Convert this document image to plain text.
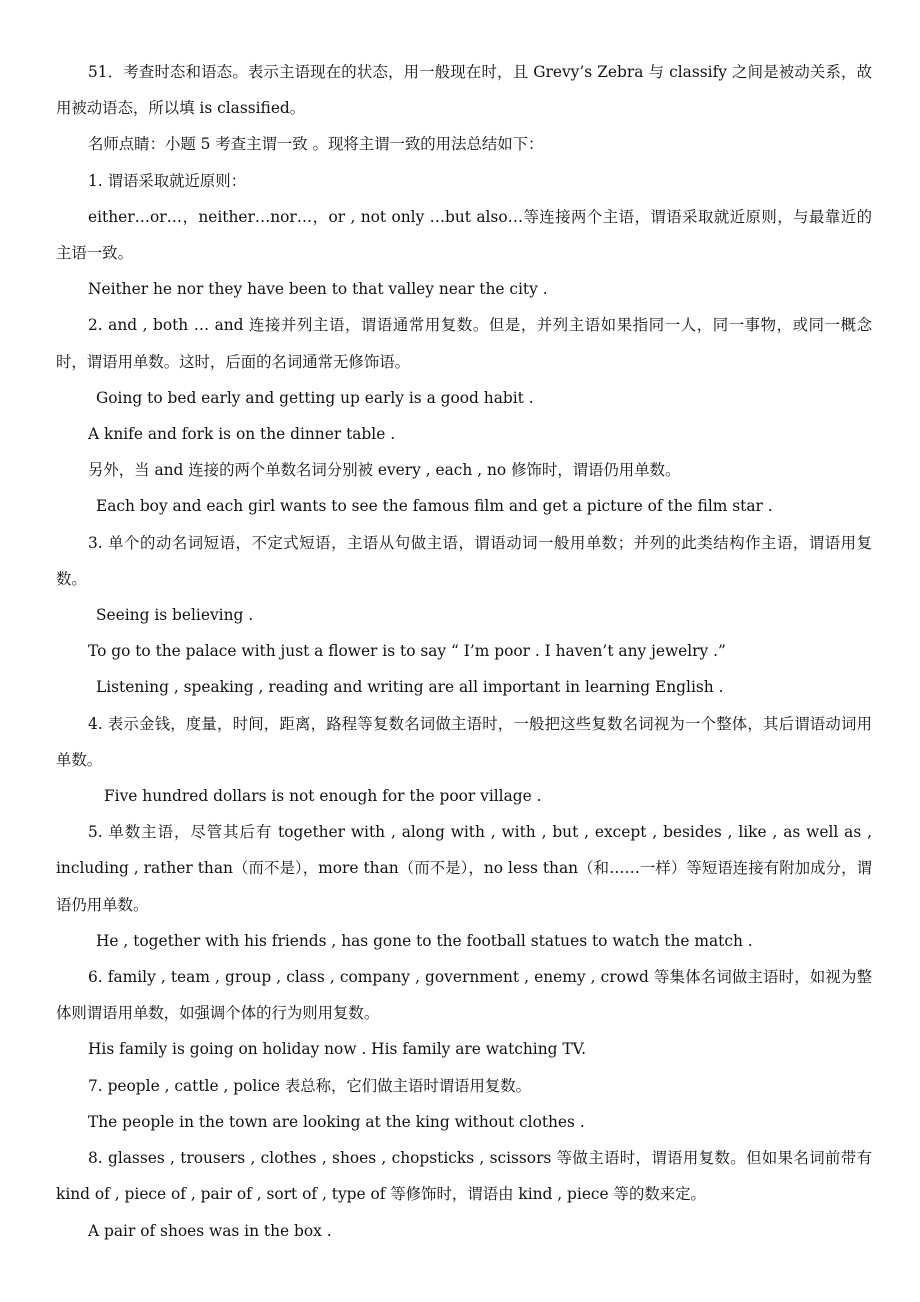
51．考查时态和语态。表示主语现在的状态，用一般现在时，且 Grevy’s Zebra 与 classify 之间是被动关系，故用被动语态，所以填 is classified。

名师点睛：小题 5 考查主谓一致 。现将主谓一致的用法总结如下：

1. 谓语采取就近原则：

either…or…，neither…nor…，or , not only …but also…等连接两个主语，谓语采取就近原则，与最靠近的主语一致。

Neither he nor they have been to that valley near the city .

2. and , both … and 连接并列主语，谓语通常用复数。但是，并列主语如果指同一人，同一事物，或同一概念时，谓语用单数。这时，后面的名词通常无修饰语。

Going to bed early and getting up early is a good habit .

A knife and fork is on the dinner table .

另外，当 and 连接的两个单数名词分别被 every , each , no 修饰时，谓语仍用单数。

Each boy and each girl wants to see the famous film and get a picture of the film star .

3. 单个的动名词短语，不定式短语，主语从句做主语，谓语动词一般用单数；并列的此类结构作主语，谓语用复数。

Seeing is believing .

To go to the palace with just a flower is to say “ I’m poor . I haven’t any jewelry .”

Listening , speaking , reading and writing are all important in learning English .

4. 表示金钱，度量，时间，距离，路程等复数名词做主语时，一般把这些复数名词视为一个整体，其后谓语动词用单数。

Five hundred dollars is not enough for the poor village .

5. 单数主语，尽管其后有 together with , along with , with , but , except , besides , like , as well as , including , rather than（而不是），more than（而不是），no less than（和……一样）等短语连接有附加成分，谓语仍用单数。

He , together with his friends , has gone to the football statues to watch the match .

6. family , team , group , class , company , government , enemy , crowd 等集体名词做主语时，如视为整体则谓语用单数，如强调个体的行为则用复数。

His family is going on holiday now . His family are watching TV.

7. people , cattle , police 表总称，它们做主语时谓语用复数。

The people in the town are looking at the king without clothes .

8. glasses , trousers , clothes , shoes , chopsticks , scissors 等做主语时，谓语用复数。但如果名词前带有 kind of , piece of , pair of , sort of , type of 等修饰时，谓语由 kind , piece 等的数来定。

A pair of shoes was in the box .
